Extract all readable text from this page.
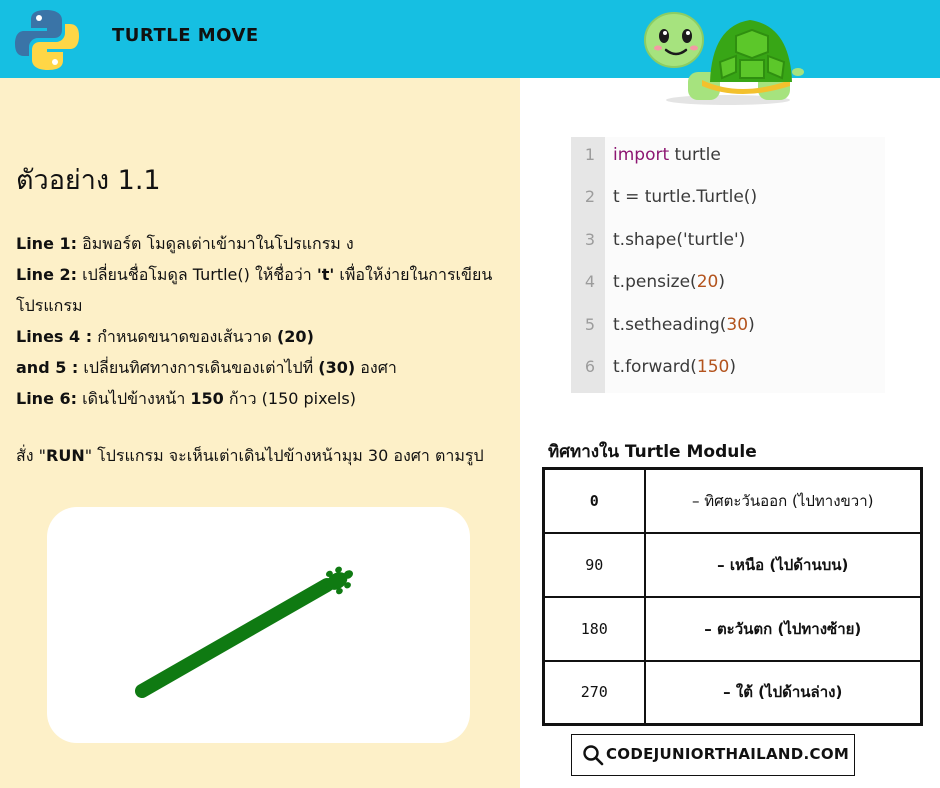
TURTLE MOVE
ตัวอย่าง 1.1

Line 1: อิมพอร์ต โมดูลเต่าเข้ามาในโปรแกรม ง

Line 2: เปลี่ยนชื่อโมดูล Turtle() ให้ชื่อว่า 't' เพื่อให้ง่ายในการเขียน
โปรแกรม

Lines 4 : กำหนดขนาดของเส้นวาด (20)

and 5 : เปลี่ยนทิศทางการเดินของเต่าไปที่ (30) องศา

Line 6: เดินไปข้างหน้า 150 ก้าว (150 pixels)

สั่ง "RUN" โปรแกรม จะเห็นเต่าเดินไปข้างหน้ามุม 30 องศา ตามรูป
1 import turtle
2 t = turtle.Turtle()
3 t.shape('turtle')
4 t.pensize(20)
5 t.setheading(30)
6 t.forward(150)
ทิศทางใน Turtle Module
0	– ทิศตะวันออก (ไปทางขวา)
90	– เหนือ (ไปด้านบน)
180	– ตะวันตก (ไปทางซ้าย)
270	– ใต้ (ไปด้านล่าง)
CODEJUNIORTHAILAND.COM
